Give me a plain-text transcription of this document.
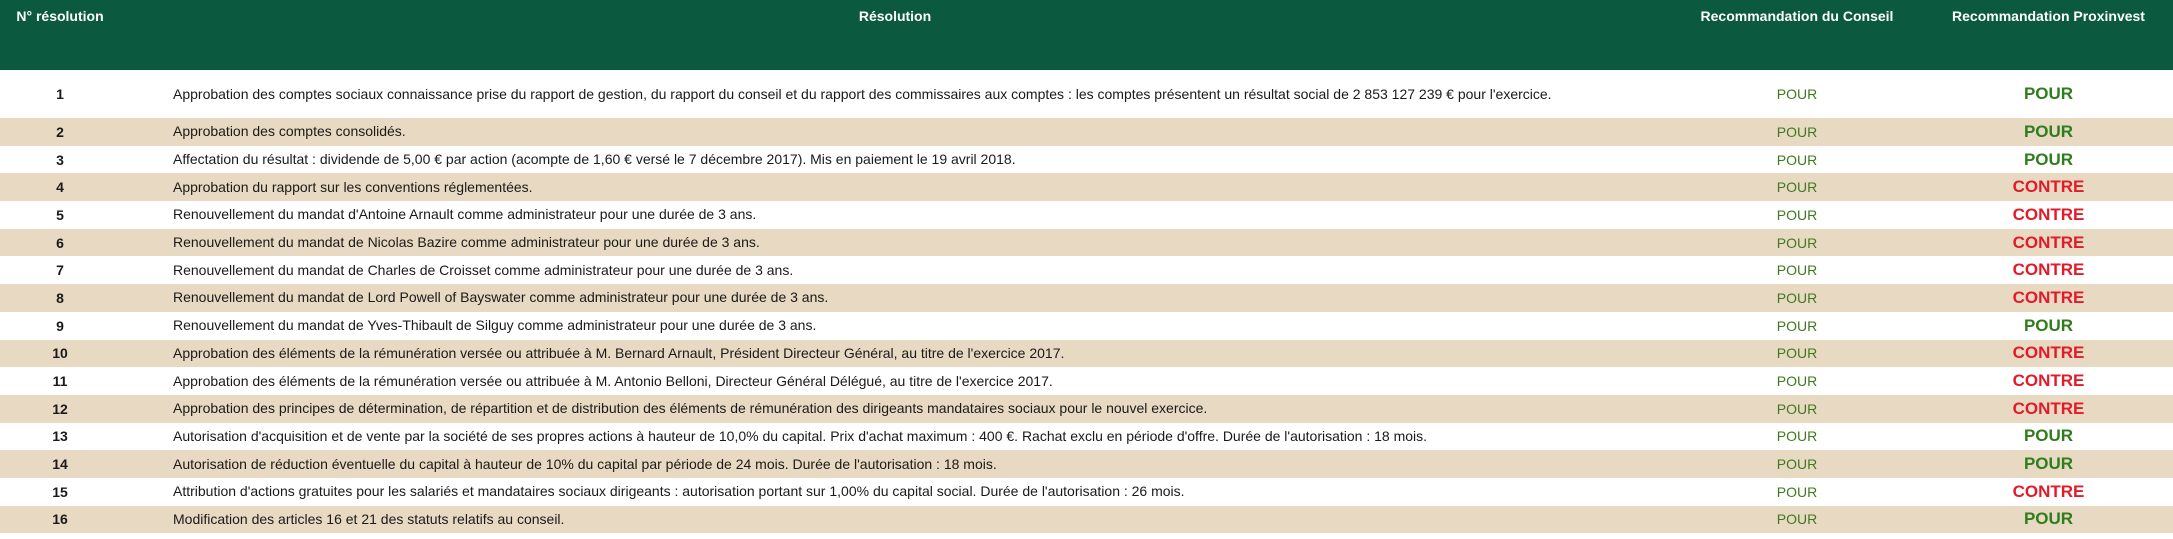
N° résolution	Résolution	Recommandation du Conseil	Recommandation Proxinvest
1	Approbation des comptes sociaux connaissance prise du rapport de gestion, du rapport du conseil et du rapport des commissaires aux comptes : les comptes présentent un résultat social de 2 853 127 239 € pour l'exercice.	POUR	POUR
2	Approbation des comptes consolidés.	POUR	POUR
3	Affectation du résultat : dividende de 5,00 € par action (acompte de 1,60 € versé le 7 décembre 2017). Mis en paiement le 19 avril 2018.	POUR	POUR
4	Approbation du rapport sur les conventions réglementées.	POUR	CONTRE
5	Renouvellement du mandat d'Antoine Arnault comme administrateur pour une durée de 3 ans.	POUR	CONTRE
6	Renouvellement du mandat de Nicolas Bazire comme administrateur pour une durée de 3 ans.	POUR	CONTRE
7	Renouvellement du mandat de Charles de Croisset comme administrateur pour une durée de 3 ans.	POUR	CONTRE
8	Renouvellement du mandat de Lord Powell of Bayswater comme administrateur pour une durée de 3 ans.	POUR	CONTRE
9	Renouvellement du mandat de Yves-Thibault de Silguy comme administrateur pour une durée de 3 ans.	POUR	POUR
10	Approbation des éléments de la rémunération versée ou attribuée à M. Bernard Arnault, Président Directeur Général, au titre de l'exercice 2017.	POUR	CONTRE
11	Approbation des éléments de la rémunération versée ou attribuée à M. Antonio Belloni, Directeur Général Délégué, au titre de l'exercice 2017.	POUR	CONTRE
12	Approbation des principes de détermination, de répartition et de distribution des éléments de rémunération des dirigeants mandataires sociaux pour le nouvel exercice.	POUR	CONTRE
13	Autorisation d'acquisition et de vente par la société de ses propres actions à hauteur de 10,0% du capital. Prix d'achat maximum : 400 €. Rachat exclu en période d'offre. Durée de l'autorisation : 18 mois.	POUR	POUR
14	Autorisation de réduction éventuelle du capital à hauteur de 10% du capital par période de 24 mois. Durée de l'autorisation : 18 mois.	POUR	POUR
15	Attribution d'actions gratuites pour les salariés et mandataires sociaux dirigeants : autorisation portant sur 1,00% du capital social. Durée de l'autorisation : 26 mois.	POUR	CONTRE
16	Modification des articles 16 et 21 des statuts relatifs au conseil.	POUR	POUR
